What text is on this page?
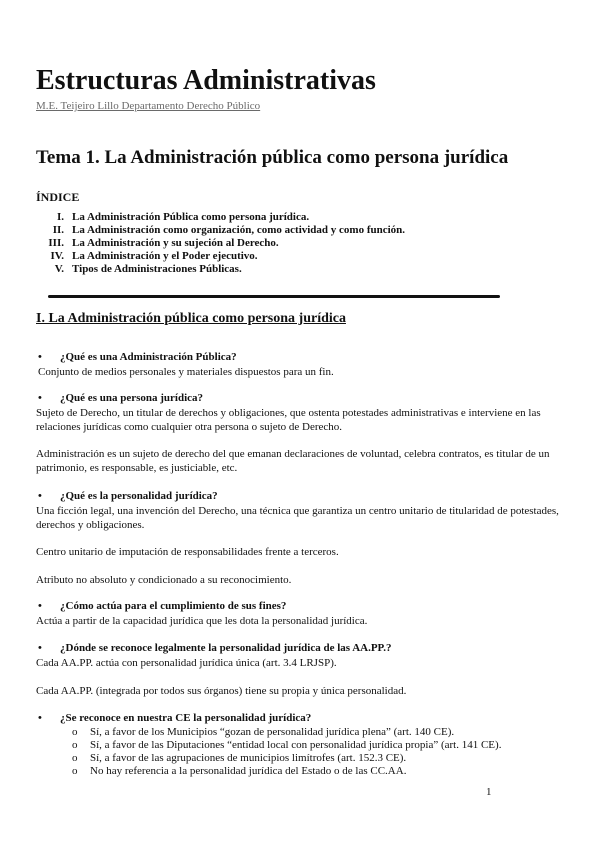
Estructuras Administrativas
M.E. Teijeiro Lillo Departamento Derecho Público
Tema 1. La Administración pública como persona jurídica
ÍNDICE
I. La Administración Pública como persona jurídica.
II. La Administración como organización, como actividad y como función.
III. La Administración y su sujeción al Derecho.
IV. La Administración y el Poder ejecutivo.
V. Tipos de Administraciones Públicas.
I. La Administración pública como persona jurídica
• ¿Qué es una Administración Pública?
Conjunto de medios personales y materiales dispuestos para un fin.
• ¿Qué es una persona jurídica?
Sujeto de Derecho, un titular de derechos y obligaciones, que ostenta potestades administrativas e interviene en las relaciones jurídicas como cualquier otra persona o sujeto de Derecho.
Administración es un sujeto de derecho del que emanan declaraciones de voluntad, celebra contratos, es titular de un patrimonio, es responsable, es justiciable, etc.
• ¿Qué es la personalidad jurídica?
Una ficción legal, una invención del Derecho, una técnica que garantiza un centro unitario de titularidad de potestades, derechos y obligaciones.
Centro unitario de imputación de responsabilidades frente a terceros.
Atributo no absoluto y condicionado a su reconocimiento.
• ¿Cómo actúa para el cumplimiento de sus fines?
Actúa a partir de la capacidad jurídica que les dota la personalidad jurídica.
• ¿Dónde se reconoce legalmente la personalidad jurídica de las AA.PP.?
Cada AA.PP. actúa con personalidad jurídica única (art. 3.4 LRJSP).
Cada AA.PP. (integrada por todos sus órganos) tiene su propia y única personalidad.
• ¿Se reconoce en nuestra CE la personalidad jurídica?
o	Sí, a favor de los Municipios “gozan de personalidad jurídica plena” (art. 140 CE).
o	Sí, a favor de las Diputaciones “entidad local con personalidad jurídica propia” (art. 141 CE).
o	Sí, a favor de las agrupaciones de municipios limítrofes (art. 152.3 CE).
o	No hay referencia a la personalidad jurídica del Estado o de las CC.AA.
1
